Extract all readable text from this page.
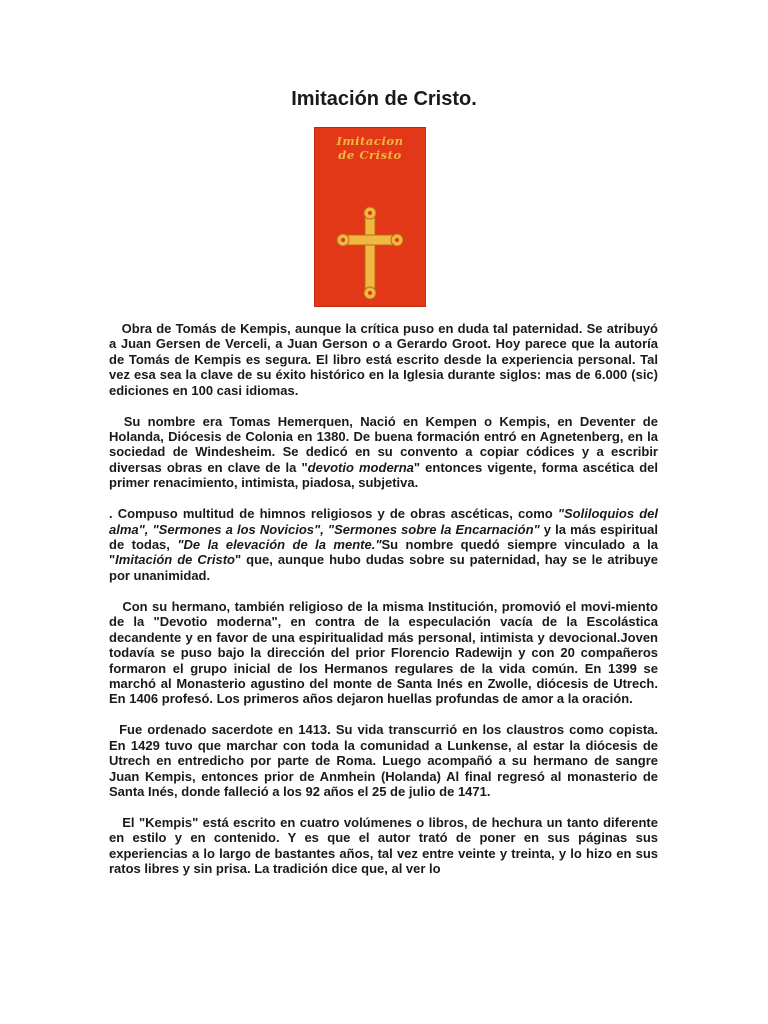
Imitación de Cristo.
Imitacion
de Cristo

Obra de Tomás de Kempis, aunque la crítica puso en duda tal paternidad. Se atribuyó a Juan Gersen de Verceli, a Juan Gerson o a Gerardo Groot. Hoy parece que la autoría de Tomás de Kempis es segura. El libro está escrito desde la experiencia personal. Tal vez esa sea la clave de su éxito histórico en la Iglesia durante siglos: mas de 6.000 (sic) ediciones en 100 casi idiomas.

Su nombre era Tomas Hemerquen, Nació en Kempen o Kempis, en Deventer de Holanda, Diócesis de Colonia en 1380. De buena formación entró en Agnetenberg, en la sociedad de Windesheim. Se dedicó en su convento a copiar códices y a escribir diversas obras en clave de la "devotio moderna" entonces vigente, forma ascética del primer renacimiento, intimista, piadosa, subjetiva.

. Compuso multitud de himnos religiosos y de obras ascéticas, como "Soliloquios del alma", "Sermones a los Novicios", "Sermones sobre la Encarnación" y la más espiritual de todas, "De la elevación de la mente."Su nombre quedó siempre vinculado a la "Imitación de Cristo" que, aunque hubo dudas sobre su paternidad, hay se le atribuye por unanimidad.

Con su hermano, también religioso de la misma Institución, promovió el movi-miento de la "Devotio moderna", en contra de la especulación vacía de la Escolástica decandente y en favor de una espiritualidad más personal, intimista y devocional.Joven todavía se puso bajo la dirección del prior Florencio Radewijn y con 20 compañeros formaron el grupo inicial de los Hermanos regulares de la vida común. En 1399 se marchó al Monasterio agustino del monte de Santa Inés en Zwolle, diócesis de Utrech. En 1406 profesó. Los primeros años dejaron huellas profundas de amor a la oración.

Fue ordenado sacerdote en 1413. Su vida transcurrió en los claustros como copista. En 1429 tuvo que marchar con toda la comunidad a Lunkense, al estar la diócesis de Utrech en entredicho por parte de Roma. Luego acompañó a su hermano de sangre Juan Kempis, entonces prior de Anmhein (Holanda) Al final regresó al monasterio de Santa Inés, donde falleció a los 92 años el 25 de julio de 1471.

El "Kempis" está escrito en cuatro volúmenes o libros, de hechura un tanto diferente en estilo y en contenido. Y es que el autor trató de poner en sus páginas sus experiencias a lo largo de bastantes años, tal vez entre veinte y treinta, y lo hizo en sus ratos libres y sin prisa. La tradición dice que, al ver lo
